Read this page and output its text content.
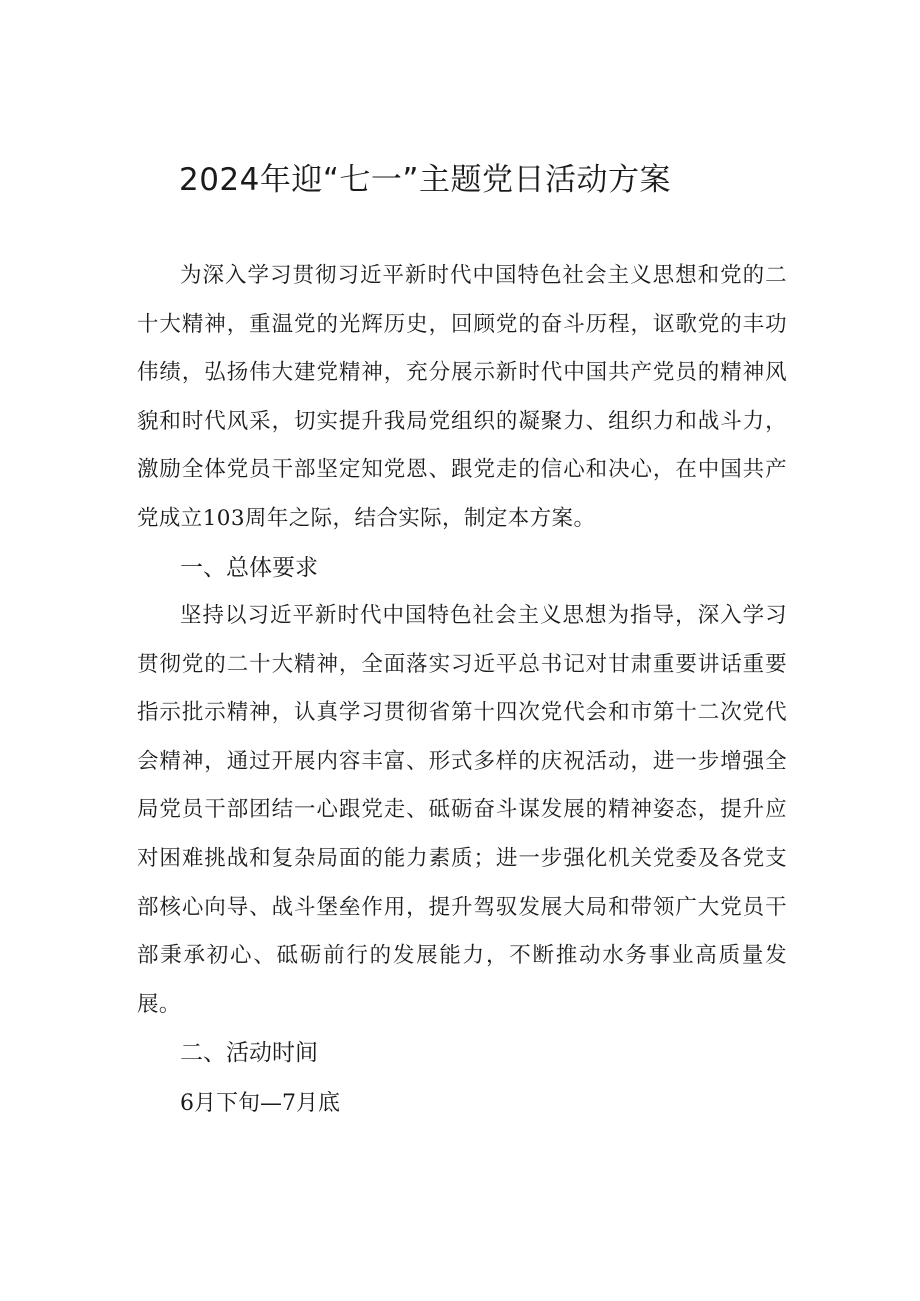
2024年迎“七一”主题党日活动方案

为深入学习贯彻习近平新时代中国特色社会主义思想和党的二十大精神，重温党的光辉历史，回顾党的奋斗历程，讴歌党的丰功伟绩，弘扬伟大建党精神，充分展示新时代中国共产党员的精神风貌和时代风采，切实提升我局党组织的凝聚力、组织力和战斗力，激励全体党员干部坚定知党恩、跟党走的信心和决心，在中国共产党成立103周年之际，结合实际，制定本方案。

一、总体要求

坚持以习近平新时代中国特色社会主义思想为指导，深入学习贯彻党的二十大精神，全面落实习近平总书记对甘肃重要讲话重要指示批示精神，认真学习贯彻省第十四次党代会和市第十二次党代会精神，通过开展内容丰富、形式多样的庆祝活动，进一步增强全局党员干部团结一心跟党走、砥砺奋斗谋发展的精神姿态，提升应对困难挑战和复杂局面的能力素质；进一步强化机关党委及各党支部核心向导、战斗堡垒作用，提升驾驭发展大局和带领广大党员干部秉承初心、砥砺前行的发展能力，不断推动水务事业高质量发展。

二、活动时间

6月下旬—7月底
